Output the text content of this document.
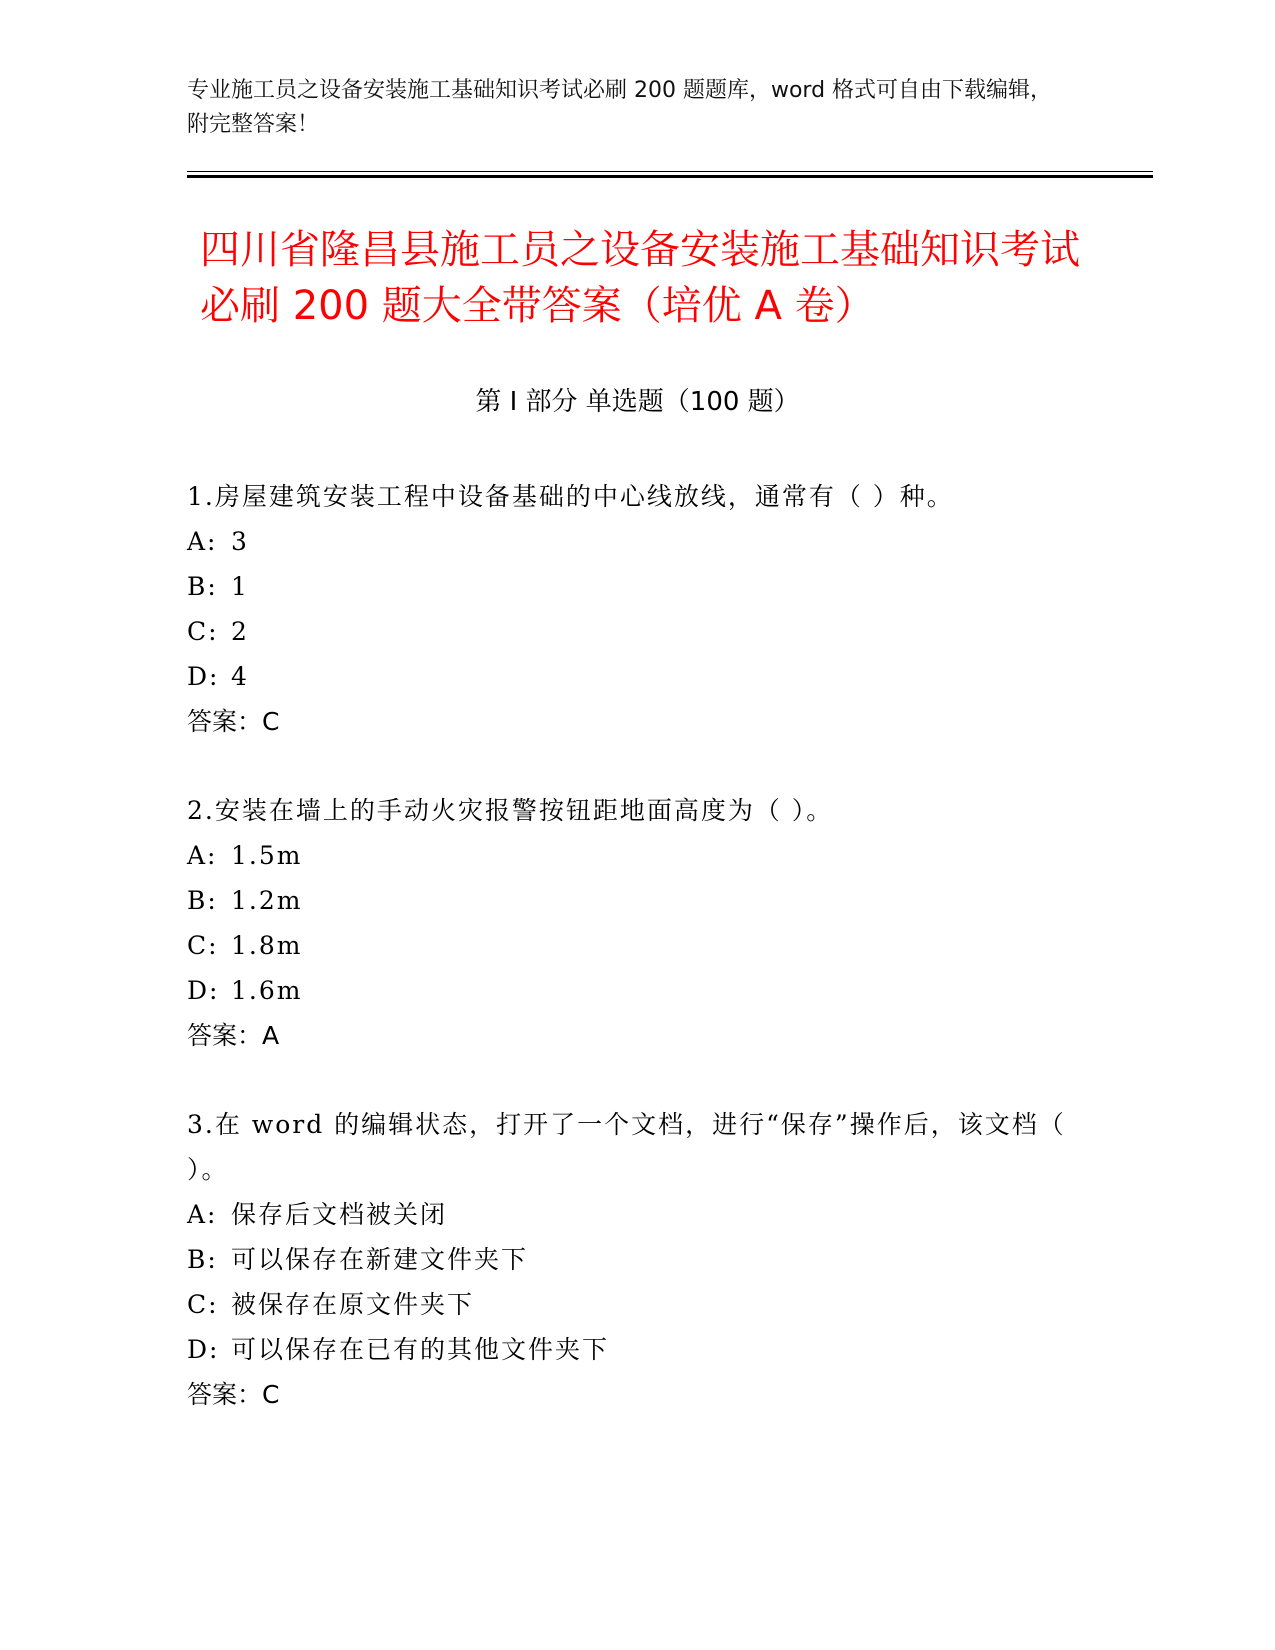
专业施工员之设备安装施工基础知识考试必刷 200 题题库，word 格式可自由下载编辑，附完整答案！
四川省隆昌县施工员之设备安装施工基础知识考试必刷 200 题大全带答案（培优 A 卷）
第 I 部分 单选题（100 题）
1.房屋建筑安装工程中设备基础的中心线放线，通常有（ ）种。
A: 3
B: 1
C: 2
D: 4
答案：C
2.安装在墙上的手动火灾报警按钮距地面高度为（ ）。
A: 1.5m
B: 1.2m
C: 1.8m
D: 1.6m
答案：A
3.在 word 的编辑状态，打开了一个文档，进行“保存”操作后，该文档（ ）。
A: 保存后文档被关闭
B: 可以保存在新建文件夹下
C: 被保存在原文件夹下
D: 可以保存在已有的其他文件夹下
答案：C
